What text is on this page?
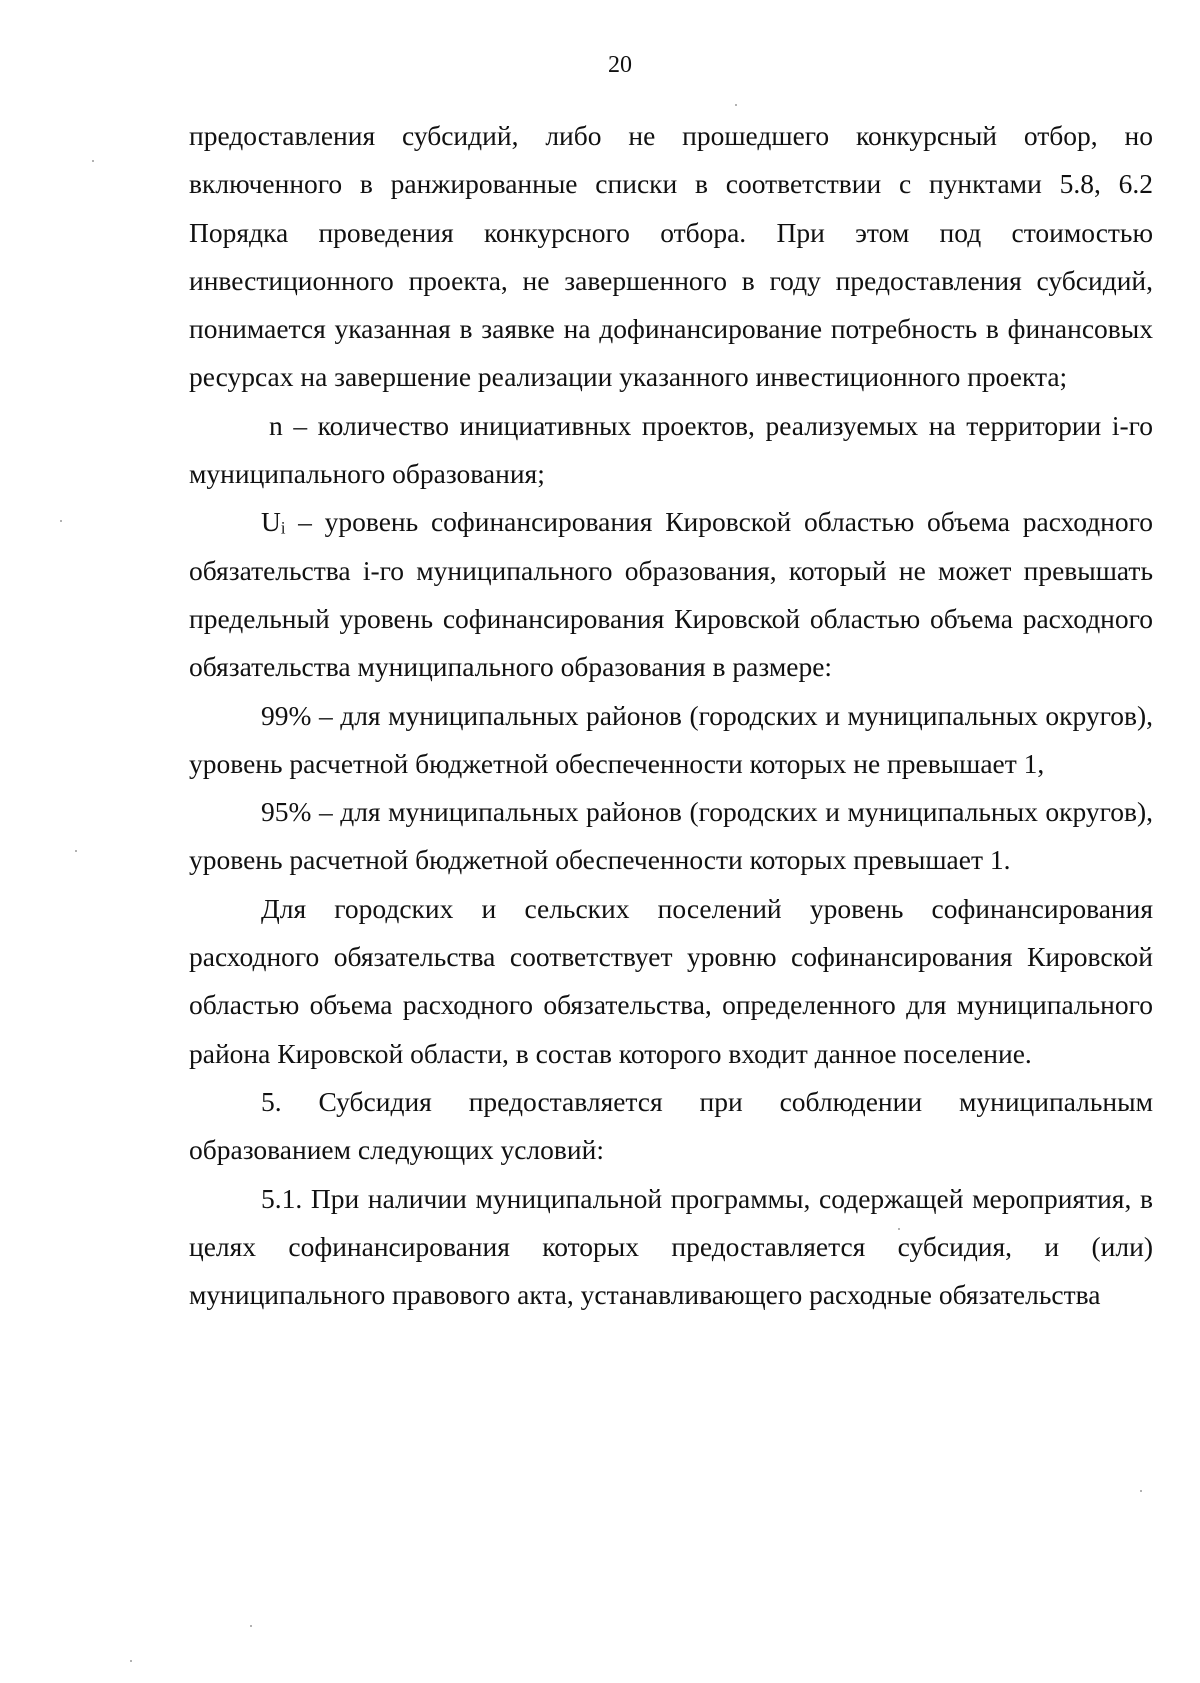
20

предоставления субсидий, либо не прошедшего конкурсный отбор, но включенного в ранжированные списки в соответствии с пунктами 5.8, 6.2 Порядка проведения конкурсного отбора. При этом под стоимостью инвестиционного проекта, не завершенного в году предоставления субсидий, понимается указанная в заявке на дофинансирование потребность в финансовых ресурсах на завершение реализации указанного инвестиционного проекта;

n – количество инициативных проектов, реализуемых на территории i-го муниципального образования;

Uᵢ – уровень софинансирования Кировской областью объема расходного обязательства i-го муниципального образования, который не может превышать предельный уровень софинансирования Кировской областью объема расходного обязательства муниципального образования в размере:

99% – для муниципальных районов (городских и муниципальных округов), уровень расчетной бюджетной обеспеченности которых не превышает 1,

95% – для муниципальных районов (городских и муниципальных округов), уровень расчетной бюджетной обеспеченности которых превышает 1.

Для городских и сельских поселений уровень софинансирования расходного обязательства соответствует уровню софинансирования Кировской областью объема расходного обязательства, определенного для муниципального района Кировской области, в состав которого входит данное поселение.

5. Субсидия предоставляется при соблюдении муниципальным образованием следующих условий:

5.1. При наличии муниципальной программы, содержащей мероприятия, в целях софинансирования которых предоставляется субсидия, и (или) муниципального правового акта, устанавливающего расходные обязательства
